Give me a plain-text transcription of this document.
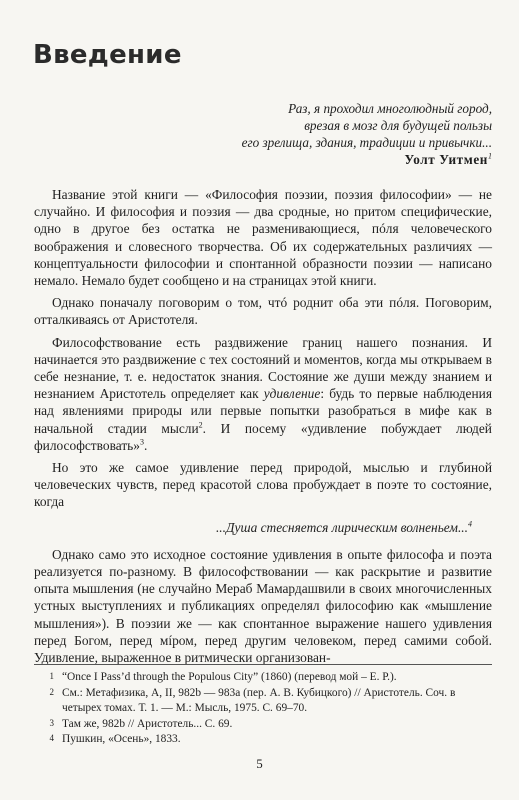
Введение
Раз, я проходил многолюдный город,
врезая в мозг для будущей пользы
его зрелища, здания, традиции и привычки...
Уолт Уитмен$^1$

Название этой книги — «Философия поэзии, поэзия философии» — не случайно. И философия и поэзия — два сродные, но притом специфические, одно в другое без остатка не разменивающиеся, пóля человеческого воображения и словесного творчества. Об их содержательных различиях — концептуальности философии и спонтанной образности поэзии — написано немало. Немало будет сообщено и на страницах этой книги.

Однако поначалу поговорим о том, чтó роднит оба эти пóля. Поговорим, отталкиваясь от Аристотеля.

Философствование есть раздвижение границ нашего познания. И начинается это раздвижение с тех состояний и моментов, когда мы открываем в себе незнание, т. е. недостаток знания. Состояние же души между знанием и незнанием Аристотель определяет как удивление: будь то первые наблюдения над явлениями природы или первые попытки разобраться в мифе как в начальной стадии мысли$^2$. И посему «удивление побуждает людей философствовать»$^3$.

Но это же самое удивление перед природой, мыслью и глубиной человеческих чувств, перед красотой слова пробуждает в поэте то состояние, когда

...Душа стесняется лирическим волненьем...$^4$

Однако само это исходное состояние удивления в опыте философа и поэта реализуется по-разному. В философствовании — как раскрытие и развитие опыта мышления (не случайно Мераб Мамардашвили в своих многочисленных устных выступлениях и публикациях определял философию как «мышление мышления»). В поэзии же — как спонтанное выражение нашего удивления перед Богом, перед мíром, перед другим человеком, перед самими собой. Удивление, выраженное в ритмически организован-

1 “Once I Pass’d through the Populous City” (1860) (перевод мой – Е. Р.).
2 См.: Метафизика, А, II, 982b — 983a (пер. А. В. Кубицкого) // Аристотель. Соч. в четырех томах. Т. 1. — М.: Мысль, 1975. С. 69–70.
3 Там же, 982b // Аристотель... С. 69.
4 Пушкин, «Осень», 1833.
5
